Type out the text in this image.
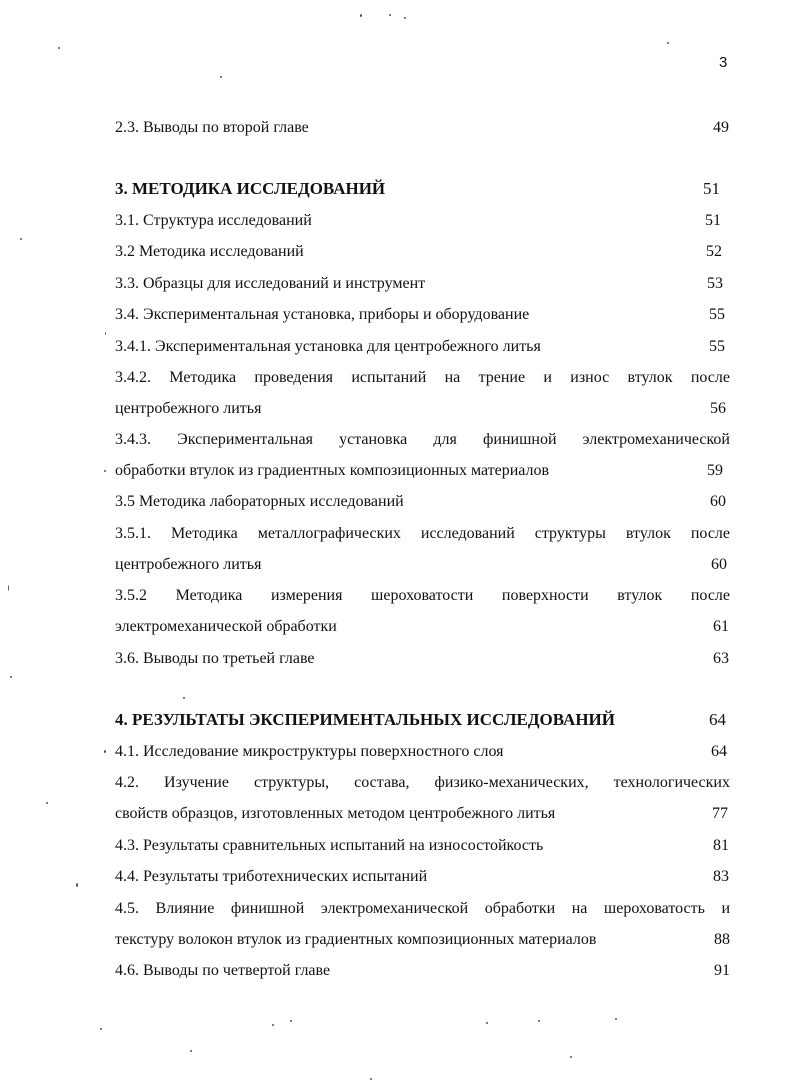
3
2.3. Выводы по второй главе	49
3. МЕТОДИКА ИССЛЕДОВАНИЙ	51
3.1. Структура исследований	51
3.2 Методика исследований	52
3.3. Образцы для исследований и инструмент	53
3.4. Экспериментальная установка, приборы и оборудование	55
3.4.1. Экспериментальная установка для центробежного литья	55
3.4.2. Методика проведения испытаний на трение и износ втулок после
центробежного литья	56
3.4.3. Экспериментальная установка для финишной электромеханической
обработки втулок из градиентных композиционных материалов	59
3.5 Методика лабораторных исследований	60
3.5.1. Методика металлографических исследований структуры втулок после
центробежного литья	60
3.5.2 Методика измерения шероховатости поверхности втулок после
электромеханической обработки	61
3.6. Выводы по третьей главе	63
4. РЕЗУЛЬТАТЫ ЭКСПЕРИМЕНТАЛЬНЫХ ИССЛЕДОВАНИЙ	64
4.1. Исследование микроструктуры поверхностного слоя	64
4.2. Изучение структуры, состава, физико-механических, технологических
свойств образцов, изготовленных методом центробежного литья	77
4.3. Результаты сравнительных испытаний на износостойкость	81
4.4. Результаты триботехнических испытаний	83
4.5. Влияние финишной электромеханической обработки на шероховатость и
текстуру волокон втулок из градиентных композиционных материалов	88
4.6. Выводы по четвертой главе	91
